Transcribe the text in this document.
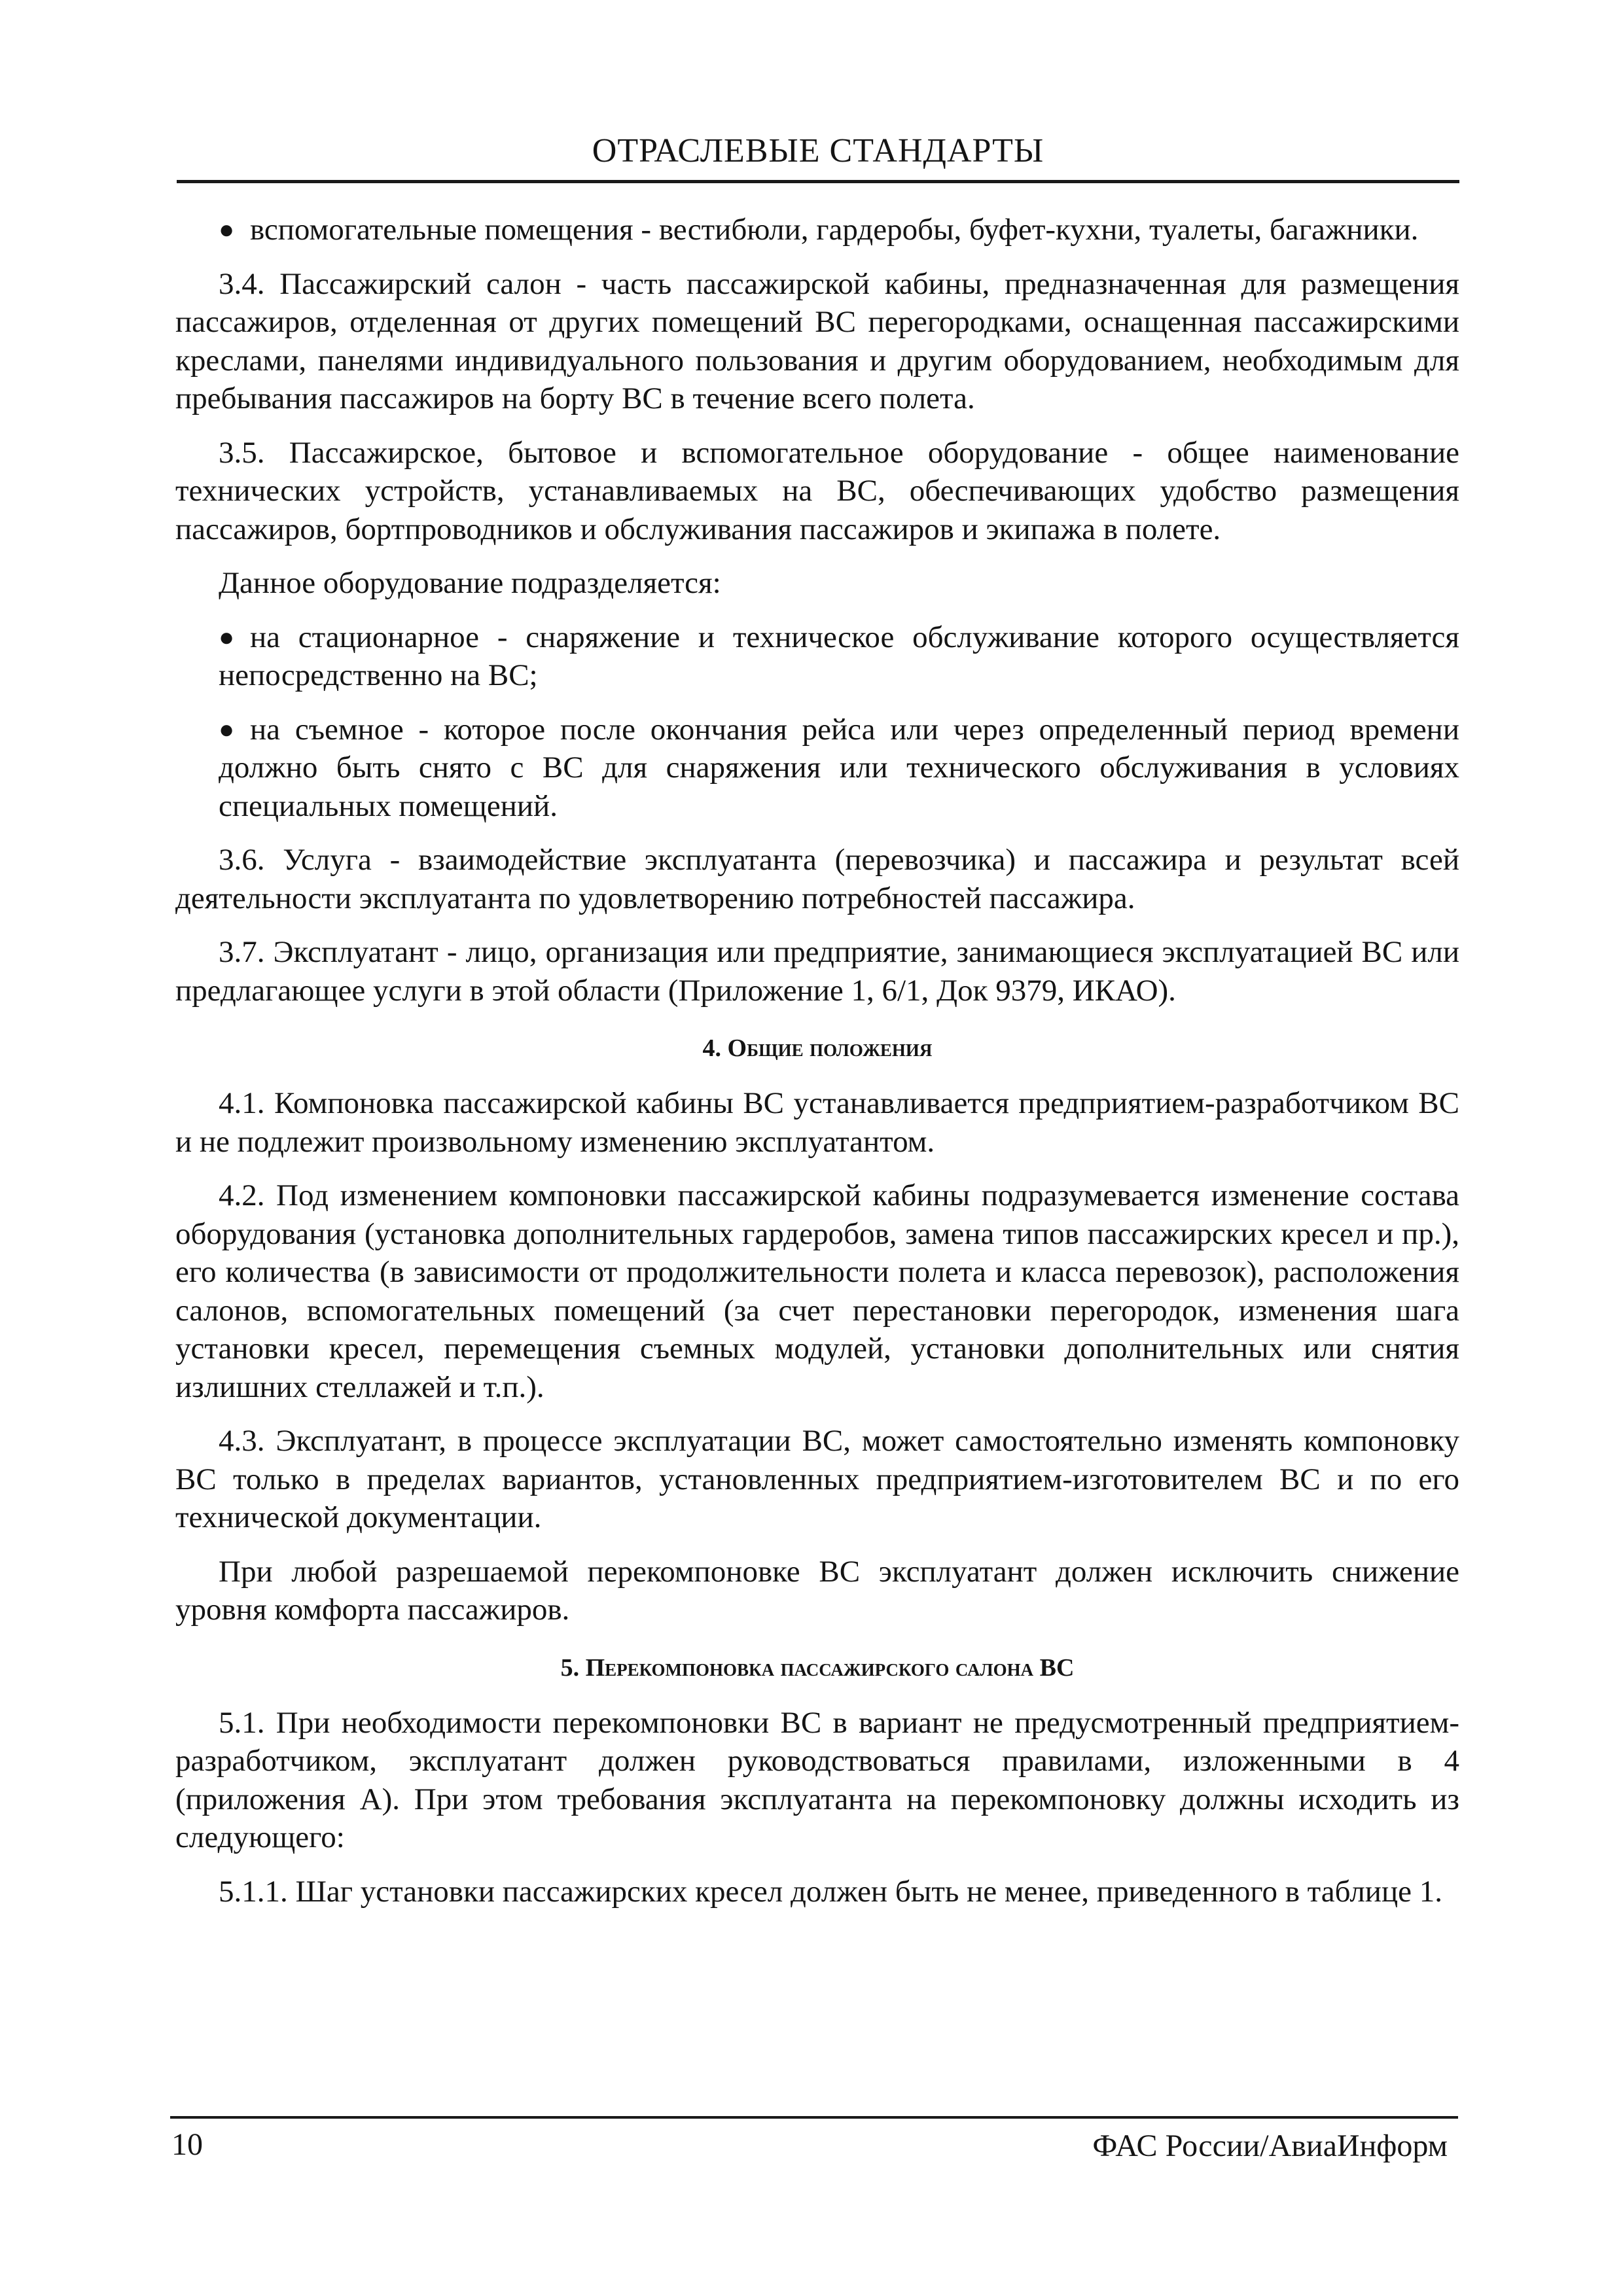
ОТРАСЛЕВЫЕ СТАНДАРТЫ

● вспомогательные помещения - вестибюли, гардеробы, буфет-кухни, туалеты, багажники.

3.4. Пассажирский салон - часть пассажирской кабины, предназначенная для размещения пассажиров, отделенная от других помещений ВС перегородками, оснащенная пассажирскими креслами, панелями индивидуального пользования и другим оборудованием, необходимым для пребывания пассажиров на борту ВС в течение всего полета.

3.5. Пассажирское, бытовое и вспомогательное оборудование - общее наименование технических устройств, устанавливаемых на ВС, обеспечивающих удобство размещения пассажиров, бортпроводников и обслуживания пассажиров и экипажа в полете.

Данное оборудование подразделяется:

● на стационарное - снаряжение и техническое обслуживание которого осуществляется непосредственно на ВС;

● на съемное - которое после окончания рейса или через определенный период времени должно быть снято с ВС для снаряжения или технического обслуживания в условиях специальных помещений.

3.6. Услуга - взаимодействие эксплуатанта (перевозчика) и пассажира и результат всей деятельности эксплуатанта по удовлетворению потребностей пассажира.

3.7. Эксплуатант - лицо, организация или предприятие, занимающиеся эксплуатацией ВС или предлагающее услуги в этой области (Приложение 1, 6/1, Док 9379, ИКАО).

4. Общие положения

4.1. Компоновка пассажирской кабины ВС устанавливается предприятием-разработчиком ВС и не подлежит произвольному изменению эксплуатантом.

4.2. Под изменением компоновки пассажирской кабины подразумевается изменение состава оборудования (установка дополнительных гардеробов, замена типов пассажирских кресел и пр.), его количества (в зависимости от продолжительности полета и класса перевозок), расположения салонов, вспомогательных помещений (за счет перестановки перегородок, изменения шага установки кресел, перемещения съемных модулей, установки дополнительных или снятия излишних стеллажей и т.п.).

4.3. Эксплуатант, в процессе эксплуатации ВС, может самостоятельно изменять компоновку ВС только в пределах вариантов, установленных предприятием-изготовителем ВС и по его технической документации.

При любой разрешаемой перекомпоновке ВС эксплуатант должен исключить снижение уровня комфорта пассажиров.

5. Перекомпоновка пассажирского салона ВС

5.1. При необходимости перекомпоновки ВС в вариант не предусмотренный предприятием-разработчиком, эксплуатант должен руководствоваться правилами, изложенными в 4 (приложения А). При этом требования эксплуатанта на перекомпоновку должны исходить из следующего:

5.1.1. Шаг установки пассажирских кресел должен быть не менее, приведенного в таблице 1.

10	ФАС России/АвиаИнформ
